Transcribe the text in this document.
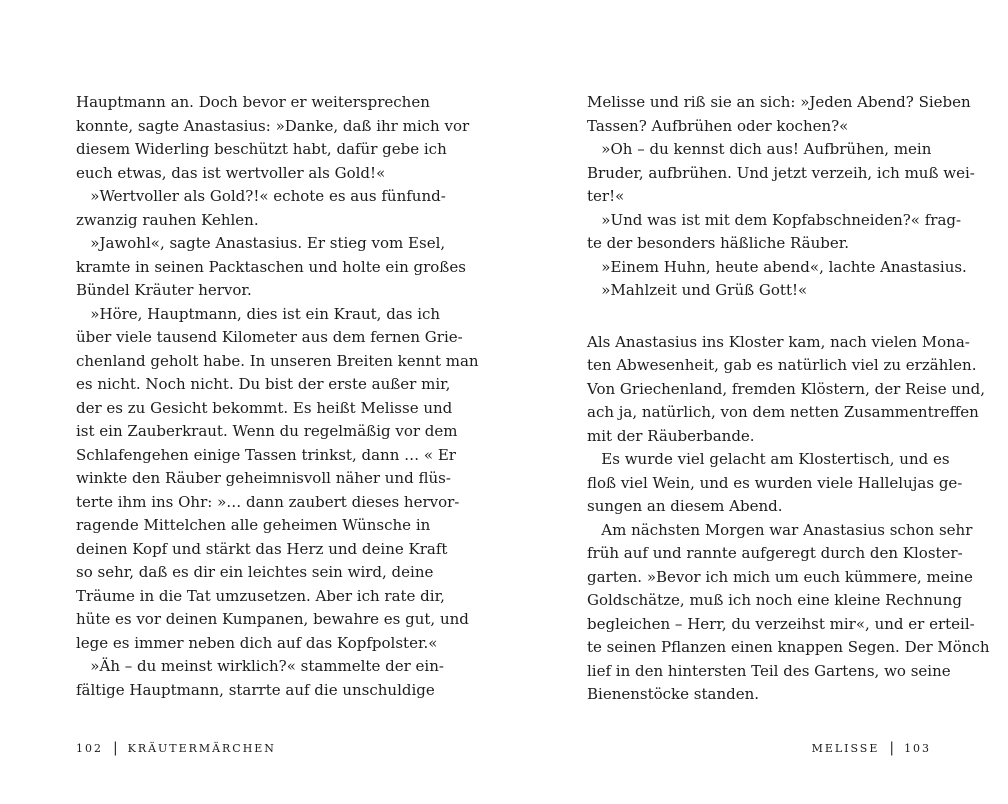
Hauptmann an. Doch bevor er weitersprechen
konnte, sagte Anastasius: »Danke, daß ihr mich vor
diesem Widerling beschützt habt, dafür gebe ich
euch etwas, das ist wertvoller als Gold!«
»Wertvoller als Gold?!« echote es aus fünfund-
zwanzig rauhen Kehlen.
»Jawohl«, sagte Anastasius. Er stieg vom Esel,
kramte in seinen Packtaschen und holte ein großes
Bündel Kräuter hervor.
»Höre, Hauptmann, dies ist ein Kraut, das ich
über viele tausend Kilometer aus dem fernen Grie-
chenland geholt habe. In unseren Breiten kennt man
es nicht. Noch nicht. Du bist der erste außer mir,
der es zu Gesicht bekommt. Es heißt Melisse und
ist ein Zauberkraut. Wenn du regelmäßig vor dem
Schlafengehen einige Tassen trinkst, dann … « Er
winkte den Räuber geheimnisvoll näher und flüs-
terte ihm ins Ohr: »… dann zaubert dieses hervor-
ragende Mittelchen alle geheimen Wünsche in
deinen Kopf und stärkt das Herz und deine Kraft
so sehr, daß es dir ein leichtes sein wird, deine
Träume in die Tat umzusetzen. Aber ich rate dir,
hüte es vor deinen Kumpanen, bewahre es gut, und
lege es immer neben dich auf das Kopfpolster.«
»Äh – du meinst wirklich?« stammelte der ein-
fältige Hauptmann, starrte auf die unschuldige
102 | KRÄUTERMÄRCHEN
Melisse und riß sie an sich: »Jeden Abend? Sieben
Tassen? Aufbrühen oder kochen?«
»Oh – du kennst dich aus! Aufbrühen, mein
Bruder, aufbrühen. Und jetzt verzeih, ich muß wei-
ter!«
»Und was ist mit dem Kopfabschneiden?« frag-
te der besonders häßliche Räuber.
»Einem Huhn, heute abend«, lachte Anastasius.
»Mahlzeit und Grüß Gott!«
Als Anastasius ins Kloster kam, nach vielen Mona-
ten Abwesenheit, gab es natürlich viel zu erzählen.
Von Griechenland, fremden Klöstern, der Reise und,
ach ja, natürlich, von dem netten Zusammentreffen
mit der Räuberbande.
Es wurde viel gelacht am Klostertisch, und es
floß viel Wein, und es wurden viele Hallelujas ge-
sungen an diesem Abend.
Am nächsten Morgen war Anastasius schon sehr
früh auf und rannte aufgeregt durch den Kloster-
garten. »Bevor ich mich um euch kümmere, meine
Goldschätze, muß ich noch eine kleine Rechnung
begleichen – Herr, du verzeihst mir«, und er erteil-
te seinen Pflanzen einen knappen Segen. Der Mönch
lief in den hintersten Teil des Gartens, wo seine
Bienenstöcke standen.
MELISSE | 103
